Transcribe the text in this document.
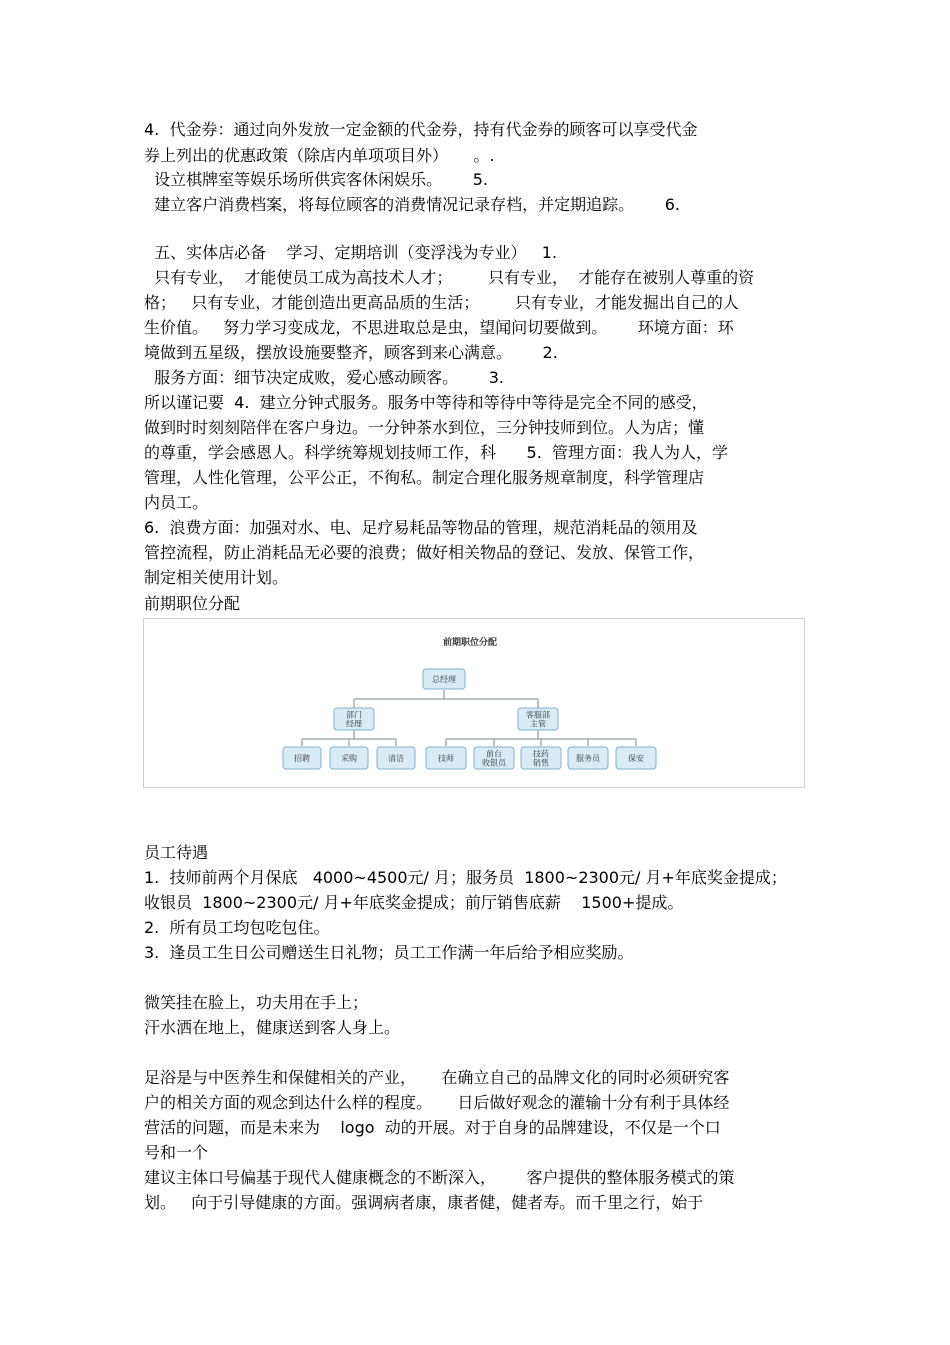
4.  代金券：通过向外发放一定金额的代金券，持有代金券的顾客可以享受代金
券上列出的优惠政策（除店内单项项目外）     。.
设立棋牌室等娱乐场所供宾客休闲娱乐。      5.
建立客户消费档案，将每位顾客的消费情况记录存档，并定期追踪。      6.
五、实体店必备    学习、定期培训（变浮浅为专业）   1.
只有专业，  才能使员工成为高技术人才；       只有专业，  才能存在被别人尊重的资
格；   只有专业，才能创造出更高品质的生活；       只有专业，才能发掘出自己的人
生价值。   努力学习变成龙，不思进取总是虫，望闻问切要做到。      环境方面：环
境做到五星级，摆放设施要整齐，顾客到来心满意。      2.
服务方面：细节决定成败，爱心感动顾客。      3.
所以谨记要  4.  建立分钟式服务。服务中等待和等待中等待是完全不同的感受，
做到时时刻刻陪伴在客户身边。一分钟茶水到位，三分钟技师到位。人为店；懂
的尊重，学会感恩人。科学统筹规划技师工作，科      5.  管理方面：我人为人，学
管理，人性化管理，公平公正，不徇私。制定合理化服务规章制度，科学管理店
内员工。
6.  浪费方面：加强对水、电、足疗易耗品等物品的管理，规范消耗品的领用及
管控流程，防止消耗品无必要的浪费；做好相关物品的登记、发放、保管工作，
制定相关使用计划。
前期职位分配
前期职位分配
总经理
部门
经理
客服部
主管
招聘	采购	清洁	技师	前台
收银员
技药
销售	服务员	保安
员工待遇
1.  技师前两个月保底   4000~4500元/ 月；服务员  1800~2300元/ 月+年底奖金提成；
收银员  1800~2300元/ 月+年底奖金提成；前厅销售底薪    1500+提成。
2.  所有员工均包吃包住。
3.  逢员工生日公司赠送生日礼物；员工工作满一年后给予相应奖励。
微笑挂在脸上，功夫用在手上；
汗水洒在地上，健康送到客人身上。
足浴是与中医养生和保健相关的产业，     在确立自己的品牌文化的同时必须研究客
户的相关方面的观念到达什么样的程度。     日后做好观念的灌输十分有利于具体经
营活的问题，而是未来为    logo  动的开展。对于自身的品牌建设，不仅是一个口
号和一个
建议主体口号偏基于现代人健康概念的不断深入，      客户提供的整体服务模式的策
划。   向于引导健康的方面。强调病者康，康者健，健者寿。而千里之行，始于
